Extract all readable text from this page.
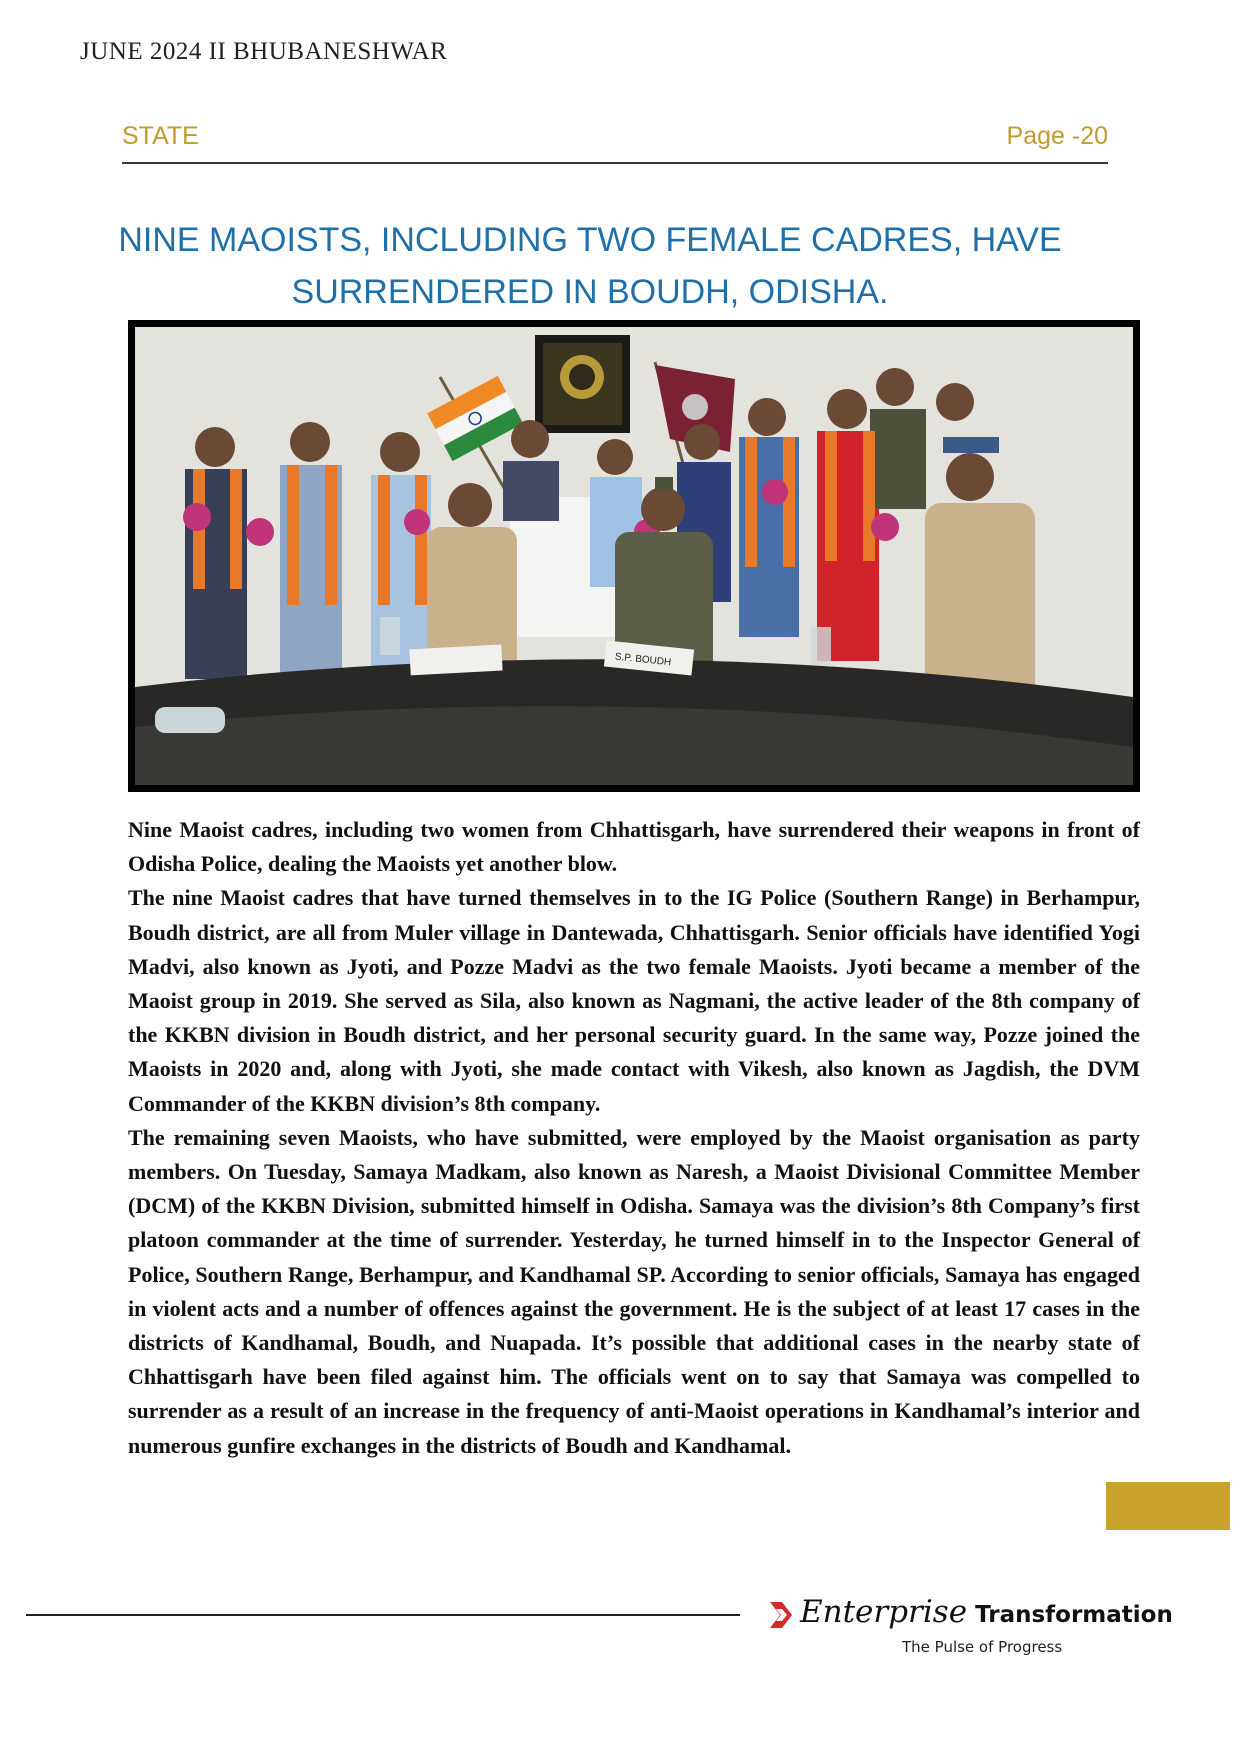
JUNE 2024 II BHUBANESHWAR
STATE	Page -20
NINE MAOISTS, INCLUDING TWO FEMALE CADRES, HAVE
SURRENDERED IN BOUDH, ODISHA.
S.P. BOUDH

Nine Maoist cadres, including two women from Chhattisgarh, have surrendered their weapons in front of Odisha Police, dealing the Maoists yet another blow.

The nine Maoist cadres that have turned themselves in to the IG Police (Southern Range) in Berhampur, Boudh district, are all from Muler village in Dantewada, Chhattisgarh. Senior officials have identified Yogi Madvi, also known as Jyoti, and Pozze Madvi as the two female Maoists. Jyoti became a member of the Maoist group in 2019. She served as Sila, also known as Nagmani, the active leader of the 8th company of the KKBN division in Boudh district, and her personal security guard. In the same way, Pozze joined the Maoists in 2020 and, along with Jyoti, she made contact with Vikesh, also known as Jagdish, the DVM Commander of the KKBN division’s 8th company.

The remaining seven Maoists, who have submitted, were employed by the Maoist organisation as party members. On Tuesday, Samaya Madkam, also known as Naresh, a Maoist Divisional Committee Member (DCM) of the KKBN Division, submitted himself in Odisha. Samaya was the division’s 8th Company’s first platoon commander at the time of surrender. Yesterday, he turned himself in to the Inspector General of Police, Southern Range, Berhampur, and Kandhamal SP. According to senior officials, Samaya has engaged in violent acts and a number of offences against the government. He is the subject of at least 17 cases in the districts of Kandhamal, Boudh, and Nuapada. It’s possible that additional cases in the nearby state of Chhattisgarh have been filed against him. The officials went on to say that Samaya was compelled to surrender as a result of an increase in the frequency of anti-Maoist operations in Kandhamal’s interior and numerous gunfire exchanges in the districts of Boudh and Kandhamal.

Enterprise Transformation
The Pulse of Progress
